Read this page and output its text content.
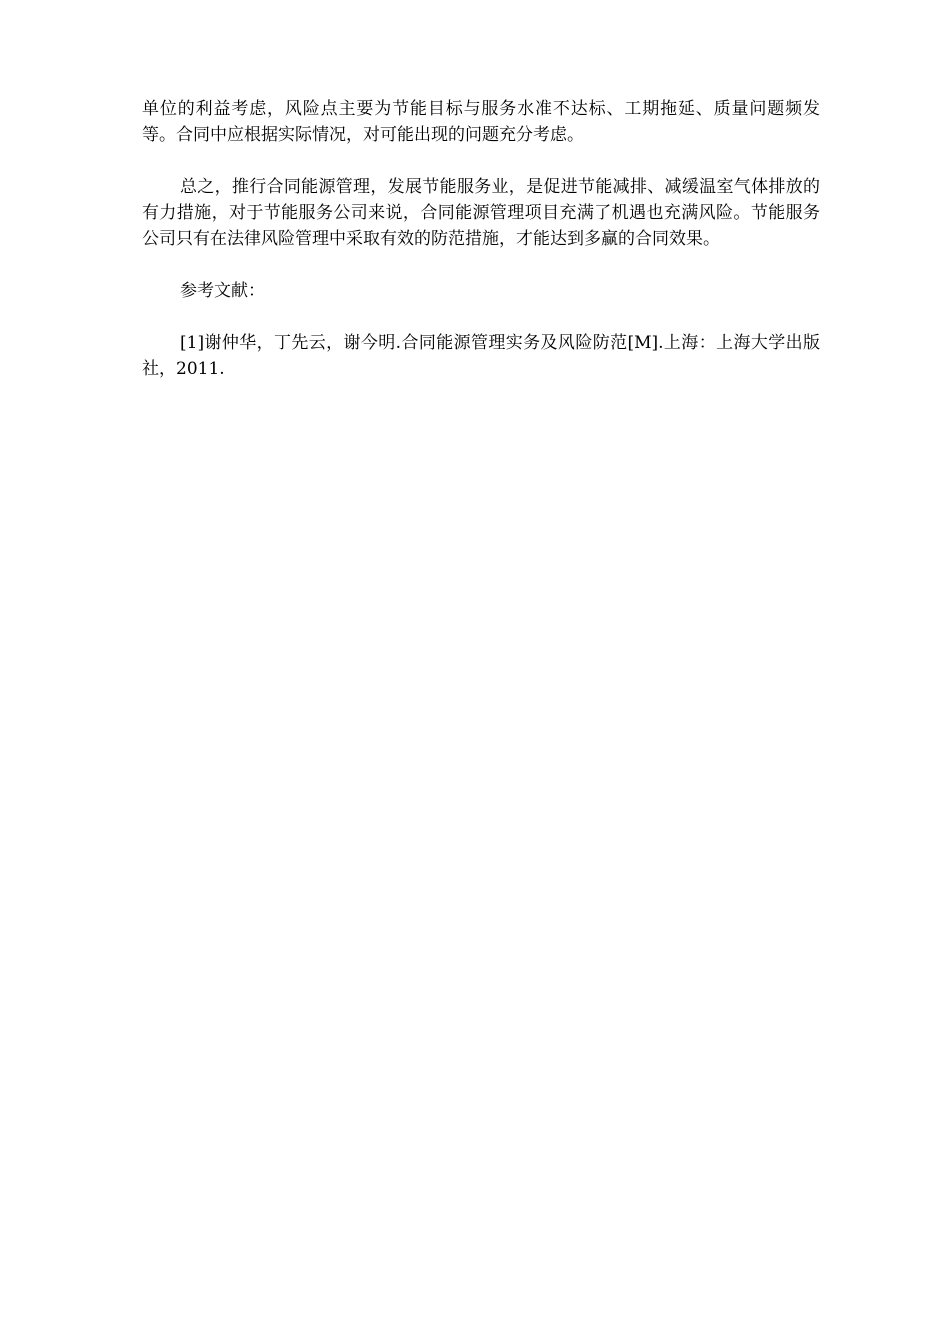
单位的利益考虑，风险点主要为节能目标与服务水准不达标、工期拖延、质量问题频发等。合同中应根据实际情况，对可能出现的问题充分考虑。

总之，推行合同能源管理，发展节能服务业，是促进节能减排、减缓温室气体排放的有力措施，对于节能服务公司来说，合同能源管理项目充满了机遇也充满风险。节能服务公司只有在法律风险管理中采取有效的防范措施，才能达到多赢的合同效果。

参考文献：

[1]谢仲华，丁先云，谢今明.合同能源管理实务及风险防范[M].上海：上海大学出版社，2011.
